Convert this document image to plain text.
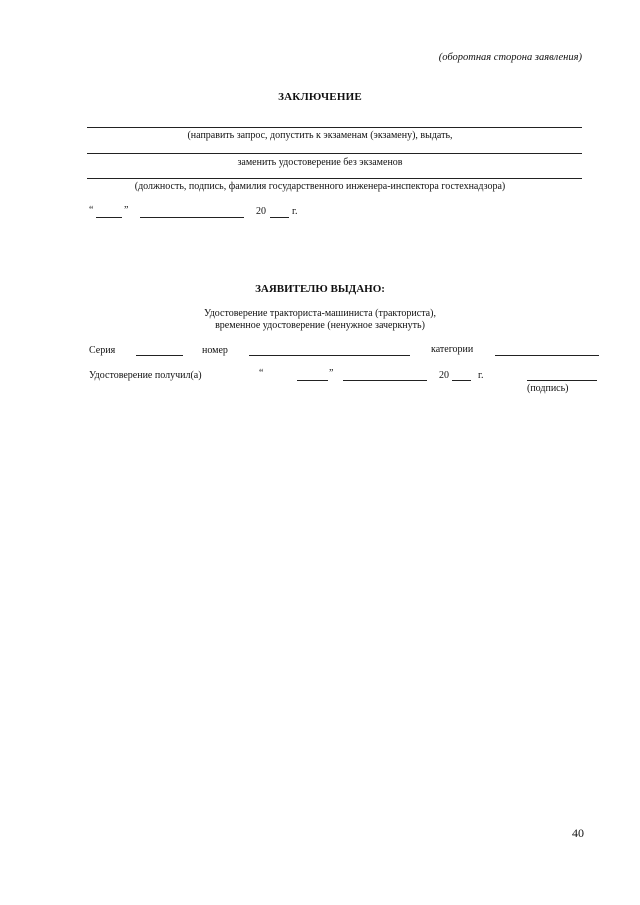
(оборотная сторона заявления)
ЗАКЛЮЧЕНИЕ
(направить запрос, допустить к экзаменам (экзамену), выдать,
заменить удостоверение без экзаменов
(должность, подпись, фамилия государственного инженера-инспектора гостехнадзора)
“	”	20	г.
ЗАЯВИТЕЛЮ ВЫДАНО:
Удостоверение тракториста-машиниста (тракториста),
временное удостоверение (ненужное зачеркнуть)
Серия	номер	категории
Удостоверение получил(а)	“	”	20	г.
(подпись)
40
